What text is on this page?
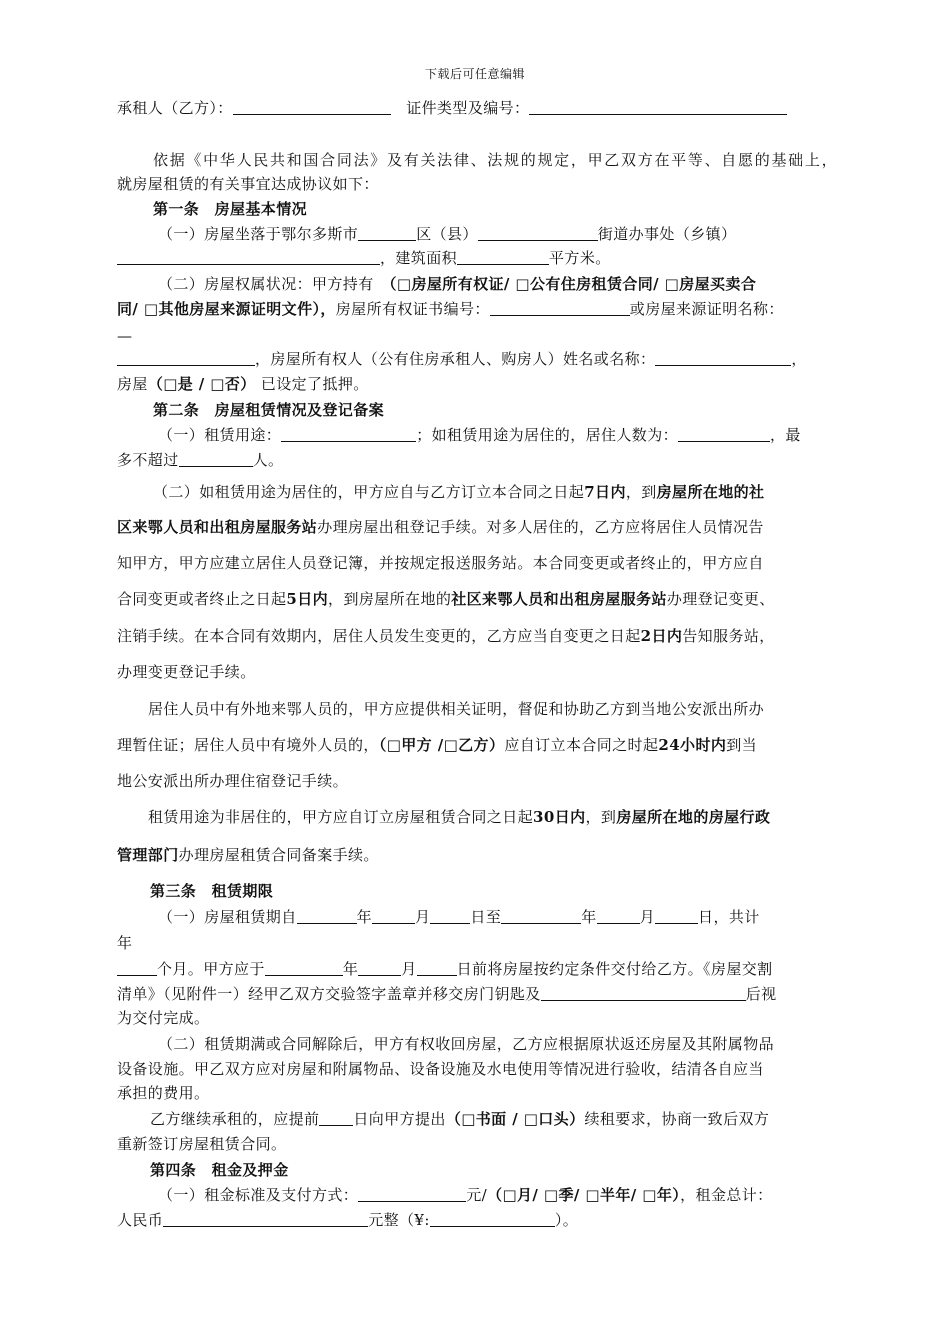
下载后可任意编辑
承租人（乙方）：	证件类型及编号：
依据《中华人民共和国合同法》及有关法律、法规的规定，甲乙双方在平等、自愿的基础上，
就房屋租赁的有关事宜达成协议如下：
第一条　房屋基本情况
（一）房屋坐落于鄂尔多斯市	区（县）	街道办事处（乡镇）
，建筑面积	平方米。
（二）房屋权属状况：甲方持有　（□房屋所有权证/ □公有住房租赁合同/ □房屋买卖合
同/ □其他房屋来源证明文件），房屋所有权证书编号：	或房屋来源证明名称：
—
，房屋所有权人（公有住房承租人、购房人）姓名或名称：	，
房屋（□是 / □否） 已设定了抵押。
第二条　房屋租赁情况及登记备案
（一）租赁用途：	；如租赁用途为居住的，居住人数为：	，最
多不超过	人。
（二）如租赁用途为居住的，甲方应自与乙方订立本合同之日起7日内，到房屋所在地的社
区来鄂人员和出租房屋服务站办理房屋出租登记手续。对多人居住的，乙方应将居住人员情况告
知甲方，甲方应建立居住人员登记簿，并按规定报送服务站。本合同变更或者终止的，甲方应自
合同变更或者终止之日起5日内，到房屋所在地的社区来鄂人员和出租房屋服务站办理登记变更、
注销手续。在本合同有效期内，居住人员发生变更的，乙方应当自变更之日起2日内告知服务站，
办理变更登记手续。
居住人员中有外地来鄂人员的，甲方应提供相关证明，督促和协助乙方到当地公安派出所办
理暂住证；居住人员中有境外人员的，（□甲方 /□乙方）应自订立本合同之时起24小时内到当
地公安派出所办理住宿登记手续。
租赁用途为非居住的，甲方应自订立房屋租赁合同之日起30日内，到房屋所在地的房屋行政
管理部门办理房屋租赁合同备案手续。
第三条　租赁期限
（一）房屋租赁期自	年	月	日至	年	月	日，共计
年
个月。甲方应于	年	月	日前将房屋按约定条件交付给乙方。《房屋交割
清单》（见附件一）经甲乙双方交验签字盖章并移交房门钥匙及	后视
为交付完成。
（二）租赁期满或合同解除后，甲方有权收回房屋，乙方应根据原状返还房屋及其附属物品
设备设施。甲乙双方应对房屋和附属物品、设备设施及水电使用等情况进行验收，结清各自应当
承担的费用。
乙方继续承租的，应提前 日向甲方提出（□书面 / □口头）续租要求，协商一致后双方
重新签订房屋租赁合同。
第四条　租金及押金
（一）租金标准及支付方式：	元/（□月/ □季/ □半年/ □年），租金总计：
人民币	元整（¥:	）。
